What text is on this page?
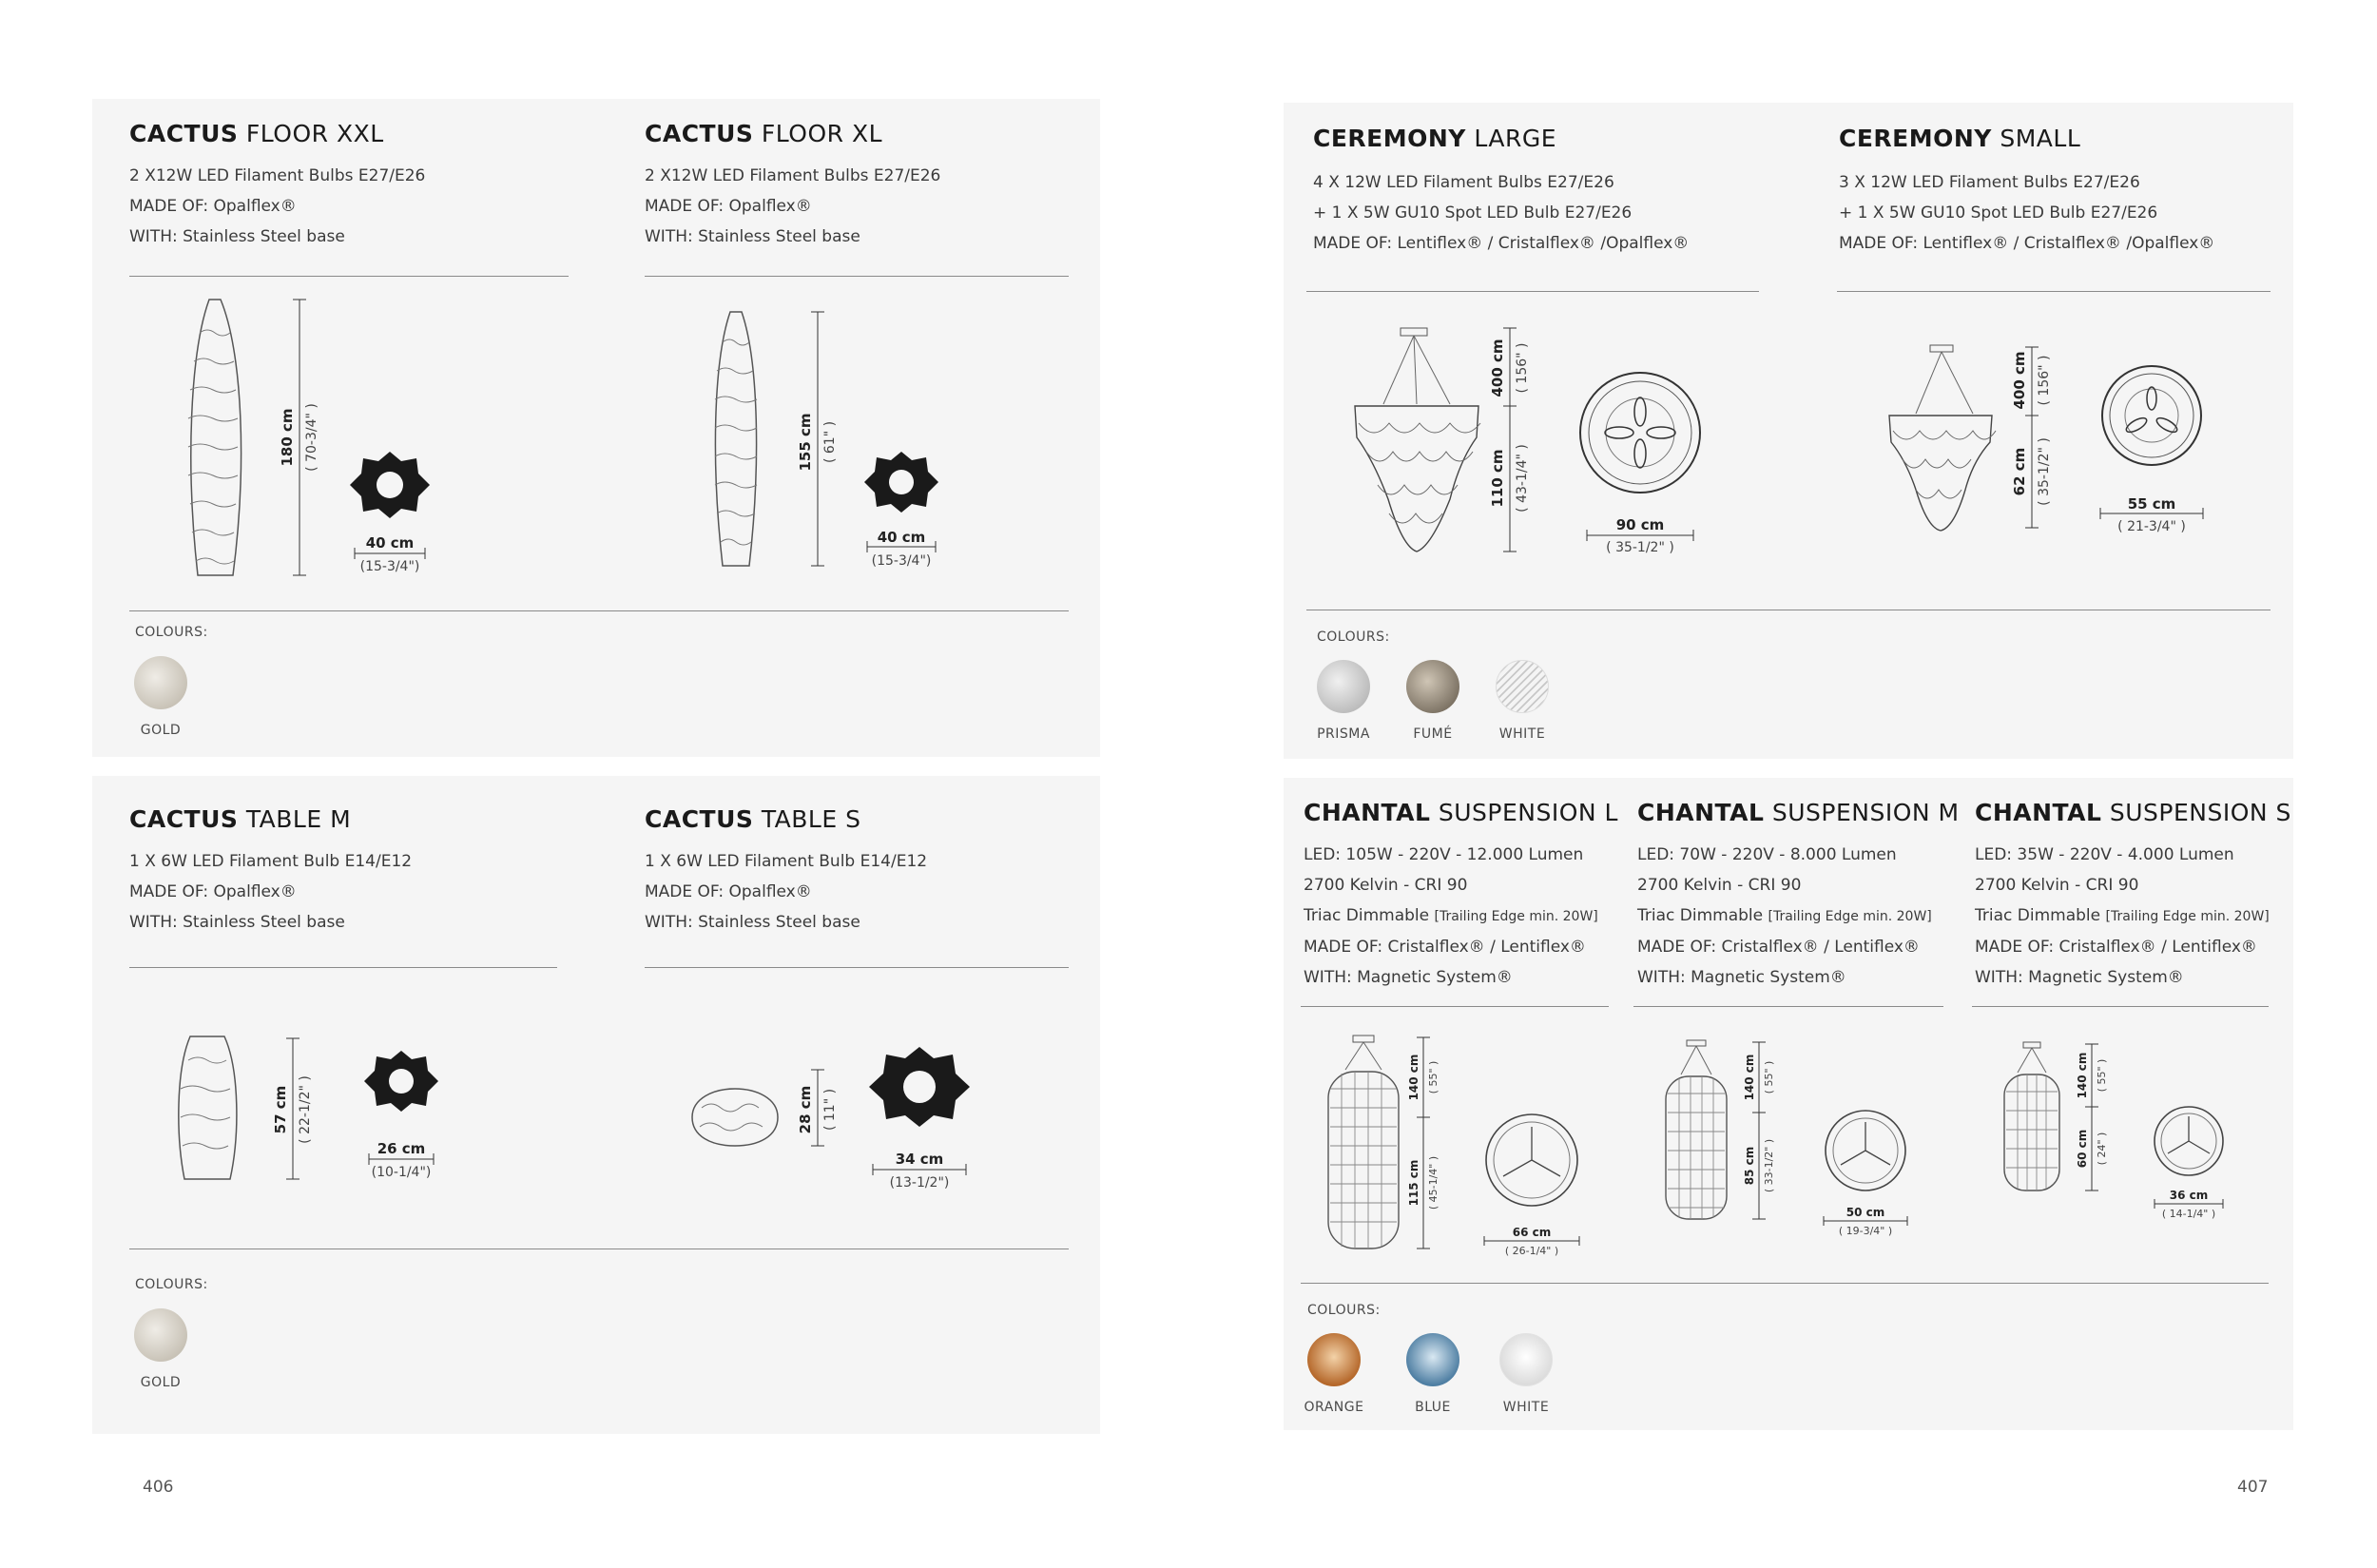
CACTUS FLOOR XXL
2 X12W LED Filament Bulbs E27/E26
MADE OF: Opalflex®
WITH: Stainless Steel base
CACTUS FLOOR XL
2 X12W LED Filament Bulbs E27/E26
MADE OF: Opalflex®
WITH: Stainless Steel base
180 cm ( 70-3/4" )
40 cm
(15-3/4")
155 cm ( 61" )
40 cm
(15-3/4")
COLOURS:
GOLD
CACTUS TABLE M
1 X 6W LED Filament Bulb E14/E12
MADE OF: Opalflex®
WITH: Stainless Steel base
CACTUS TABLE S
1 X 6W LED Filament Bulb E14/E12
MADE OF: Opalflex®
WITH: Stainless Steel base
57 cm ( 22-1/2" )
26 cm
(10-1/4")
28 cm ( 11" )
34 cm
(13-1/2")
COLOURS:
GOLD
406
CEREMONY LARGE
4 X 12W LED Filament Bulbs E27/E26
+ 1 X 5W GU10 Spot LED Bulb E27/E26
MADE OF: Lentiflex® / Cristalflex® /Opalflex®
CEREMONY SMALL
3 X 12W LED Filament Bulbs E27/E26
+ 1 X 5W GU10 Spot LED Bulb E27/E26
MADE OF: Lentiflex® / Cristalflex® /Opalflex®
400 cm ( 156" )
110 cm ( 43-1/4" )
90 cm
( 35-1/2" )
400 cm ( 156" )
62 cm ( 35-1/2" )	55 cm
( 21-3/4" )
COLOURS:
PRISMA	FUMÉ	WHITE
CHANTAL SUSPENSION L
LED: 105W - 220V - 12.000 Lumen
2700 Kelvin - CRI 90
Triac Dimmable [Trailing Edge min. 20W]
MADE OF: Cristalflex® / Lentiflex®
WITH: Magnetic System®
CHANTAL SUSPENSION M
LED: 70W - 220V - 8.000 Lumen
2700 Kelvin - CRI 90
Triac Dimmable [Trailing Edge min. 20W]
MADE OF: Cristalflex® / Lentiflex®
WITH: Magnetic System®
CHANTAL SUSPENSION S
LED: 35W - 220V - 4.000 Lumen
2700 Kelvin - CRI 90
Triac Dimmable [Trailing Edge min. 20W]
MADE OF: Cristalflex® / Lentiflex®
WITH: Magnetic System®
140 cm ( 55" )
115 cm ( 45-1/4" )
66 cm
( 26-1/4" )
140 cm ( 55" )
85 cm ( 33-1/2" )
50 cm
( 19-3/4" )
140 cm ( 55" )
60 cm ( 24" )
36 cm
( 14-1/4" )
COLOURS:
ORANGE	BLUE	WHITE
407
